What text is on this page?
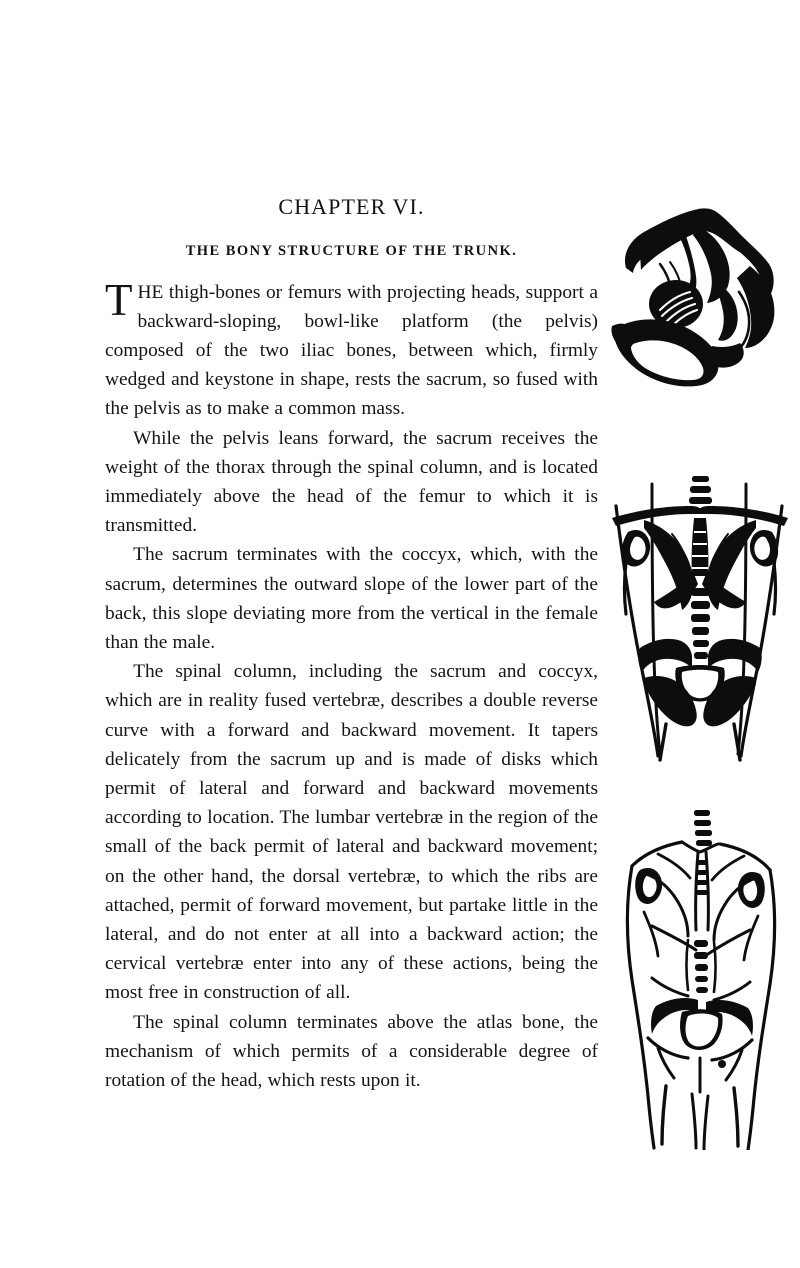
CHAPTER VI.
THE BONY STRUCTURE OF THE TRUNK.

THE thigh-bones or femurs with projecting heads, support a backward-sloping, bowl-like platform (the pelvis) composed of the two iliac bones, between which, firmly wedged and keystone in shape, rests the sacrum, so fused with the pelvis as to make a common mass.

While the pelvis leans forward, the sacrum receives the weight of the thorax through the spinal column, and is located immediately above the head of the femur to which it is transmitted.

The sacrum terminates with the coccyx, which, with the sacrum, determines the outward slope of the lower part of the back, this slope deviating more from the vertical in the female than the male.

The spinal column, including the sacrum and coccyx, which are in reality fused vertebræ, describes a double reverse curve with a forward and backward movement. It tapers delicately from the sacrum up and is made of disks which permit of lateral and forward and backward movements according to location. The lumbar vertebræ in the region of the small of the back permit of lateral and backward movement; on the other hand, the dorsal vertebræ, to which the ribs are attached, permit of forward movement, but partake little in the lateral, and do not enter at all into a backward action; the cervical vertebræ enter into any of these actions, being the most free in construction of all.

The spinal column terminates above the atlas bone, the mechanism of which permits of a considerable degree of rotation of the head, which rests upon it.
